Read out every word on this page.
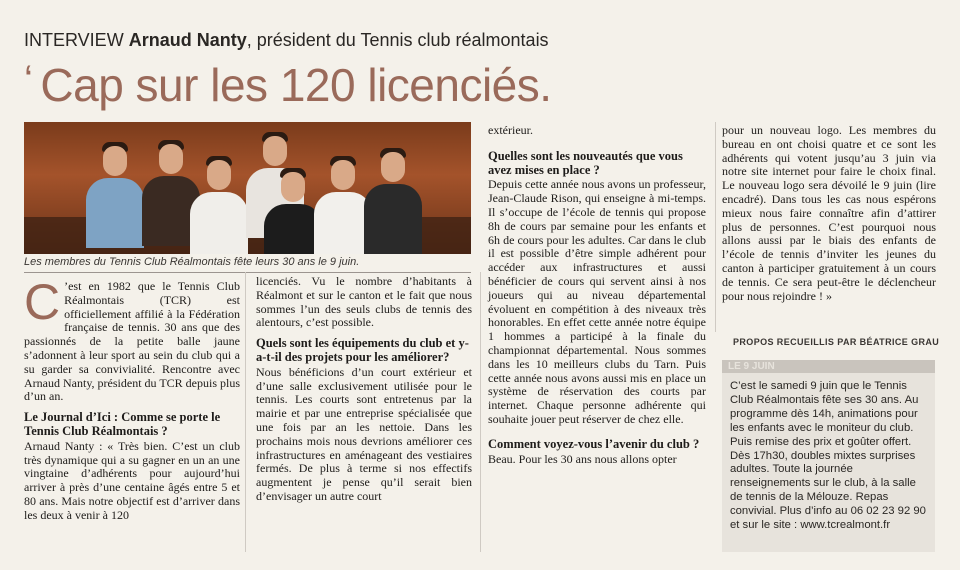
INTERVIEW Arnaud Nanty, président du Tennis club réalmontais
‘ Cap sur les 120 licenciés.
Les membres du Tennis Club Réalmontais fête leurs 30 ans le 9 juin.

C ’est en 1982 que le Tennis Club Réalmontais (TCR) est officiellement affilié à la Fédération française de tennis. 30 ans que des passionnés de la petite balle jaune s’adonnent à leur sport au sein du club qui a su garder sa convivialité. Rencontre avec Arnaud Nanty, président du TCR depuis plus d’un an.

Le Journal d’Ici : Comme se porte le Tennis Club Réalmontais ?

Arnaud Nanty : « Très bien. C’est un club très dynamique qui a su gagner en un an une vingtaine d’adhérents pour aujourd’hui arriver à près d’une centaine âgés entre 5 et 80 ans. Mais notre objectif est d’arriver dans les deux à venir à 120

licenciés. Vu le nombre d’habitants à Réalmont et sur le canton et le fait que nous sommes l’un des seuls clubs de tennis des alentours, c’est possible.

Quels sont les équipements du club et y-a-t-il des projets pour les améliorer?

Nous bénéficions d’un court extérieur et d’une salle exclusivement utilisée pour le tennis. Les courts sont entretenus par la mairie et par une entreprise spécialisée que une fois par an les nettoie. Dans les prochains mois nous devrions améliorer ces infrastructures en aménageant des vestiaires fermés. De plus à terme si nos effectifs augmentent je pense qu’il serait bien d’envisager un autre court

extérieur.

Quelles sont les nouveautés que vous avez mises en place ?

Depuis cette année nous avons un professeur, Jean-Claude Rison, qui enseigne à mi-temps. Il s’occupe de l’école de tennis qui propose 8h de cours par semaine pour les enfants et 6h de cours pour les adultes. Car dans le club il est possible d’être simple adhérent pour accéder aux infrastructures et aussi bénéficier de cours qui servent ainsi à nos joueurs qui au niveau départemental évoluent en compétition à des niveaux très honorables. En effet cette année notre équipe 1 hommes a participé à la finale du championnat départemental. Nous sommes dans les 10 meilleurs clubs du Tarn. Puis cette année nous avons aussi mis en place un système de réservation des courts par internet. Chaque personne adhérente qui souhaite jouer peut réserver de chez elle.

Comment voyez-vous l’avenir du club ?

Beau. Pour les 30 ans nous allons opter

pour un nouveau logo. Les membres du bureau en ont choisi quatre et ce sont les adhérents qui votent jusqu’au 3 juin via notre site internet pour faire le choix final. Le nouveau logo sera dévoilé le 9 juin (lire encadré). Dans tous les cas nous espérons mieux nous faire connaître afin d’attirer plus de personnes. C’est pourquoi nous allons aussi par le biais des enfants de l’école de tennis d’inviter les jeunes du canton à participer gratuitement à un cours de tennis. Ce sera peut-être le déclencheur pour nous rejoindre ! »

PROPOS RECUEILLIS PAR BÉATRICE GRAU
LE 9 JUIN
C’est le samedi 9 juin que le Tennis Club Réalmontais fête ses 30 ans. Au programme dès 14h, animations pour les enfants avec le moniteur du club. Puis remise des prix et goûter offert. Dès 17h30, doubles mixtes surprises adultes. Toute la journée renseignements sur le club, à la salle de tennis de la Mélouze. Repas convivial. Plus d’info au 06 02 23 92 90 et sur le site : www.tcrealmont.fr
